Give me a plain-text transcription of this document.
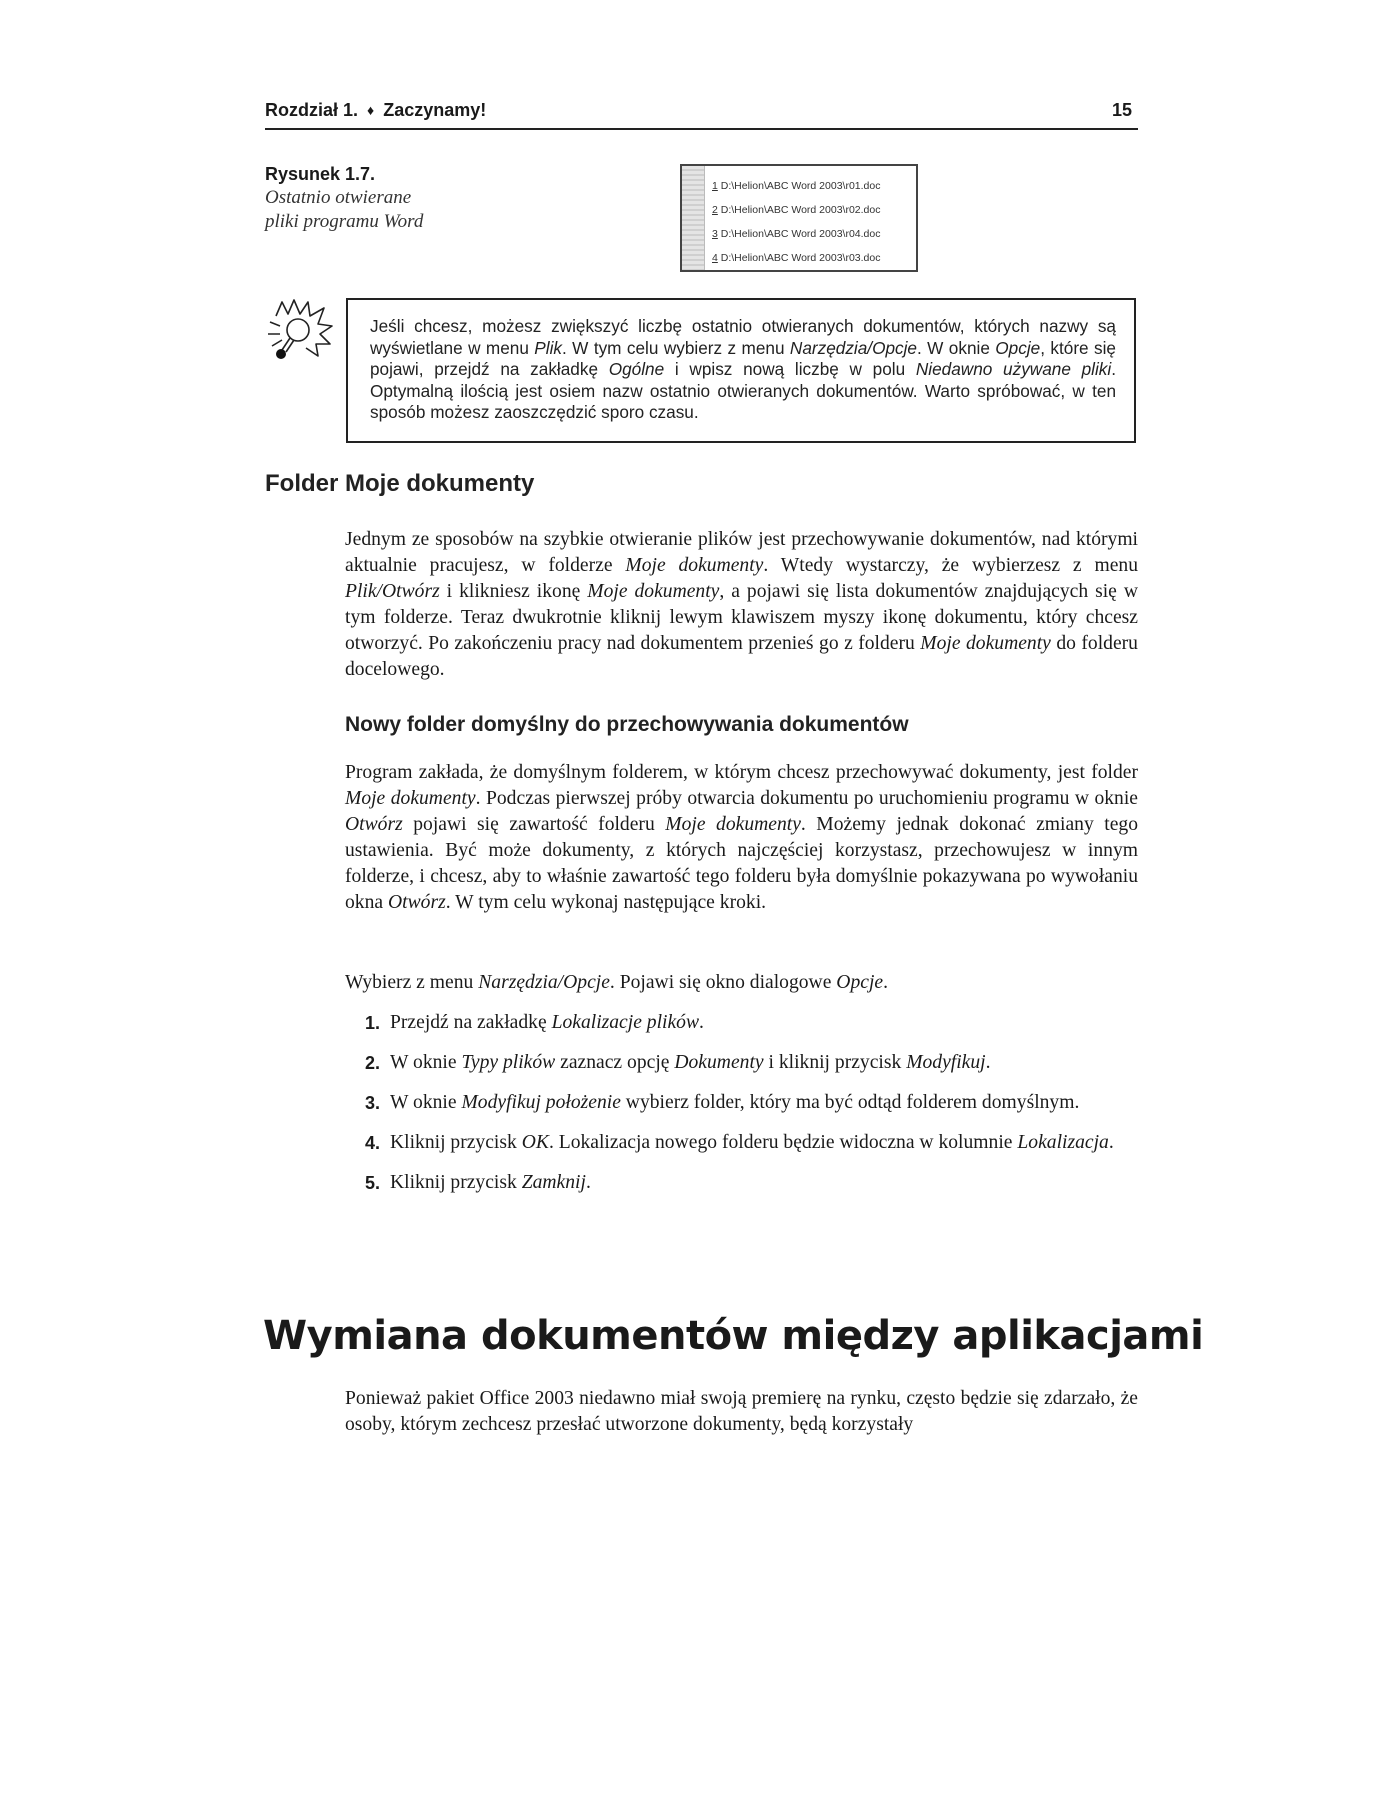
Rozdział 1. ♦ Zaczynamy!	15
Rysunek 1.7.
Ostatnio otwierane
pliki programu Word
1 D:\Helion\ABC Word 2003\r01.doc
2 D:\Helion\ABC Word 2003\r02.doc
3 D:\Helion\ABC Word 2003\r04.doc
4 D:\Helion\ABC Word 2003\r03.doc
Jeśli chcesz, możesz zwiększyć liczbę ostatnio otwieranych dokumentów, których nazwy są wyświetlane w menu Plik. W tym celu wybierz z menu Narzędzia/Opcje. W oknie Opcje, które się pojawi, przejdź na zakładkę Ogólne i wpisz nową liczbę w polu Niedawno używane pliki. Optymalną ilością jest osiem nazw ostatnio otwieranych dokumentów. Warto spróbować, w ten sposób możesz zaoszczędzić sporo czasu.
Folder Moje dokumenty

Jednym ze sposobów na szybkie otwieranie plików jest przechowywanie dokumentów, nad którymi aktualnie pracujesz, w folderze Moje dokumenty. Wtedy wystarczy, że wybierzesz z menu Plik/Otwórz i klikniesz ikonę Moje dokumenty, a pojawi się lista dokumentów znajdujących się w tym folderze. Teraz dwukrotnie kliknij lewym klawiszem myszy ikonę dokumentu, który chcesz otworzyć. Po zakończeniu pracy nad dokumentem przenieś go z folderu Moje dokumenty do folderu docelowego.

Nowy folder domyślny do przechowywania dokumentów

Program zakłada, że domyślnym folderem, w którym chcesz przechowywać dokumenty, jest folder Moje dokumenty. Podczas pierwszej próby otwarcia dokumentu po uruchomieniu programu w oknie Otwórz pojawi się zawartość folderu Moje dokumenty. Możemy jednak dokonać zmiany tego ustawienia. Być może dokumenty, z których najczęściej korzystasz, przechowujesz w innym folderze, i chcesz, aby to właśnie zawartość tego folderu była domyślnie pokazywana po wywołaniu okna Otwórz. W tym celu wykonaj następujące kroki.

Wybierz z menu Narzędzia/Opcje. Pojawi się okno dialogowe Opcje.

1. Przejdź na zakładkę Lokalizacje plików.
2. W oknie Typy plików zaznacz opcję Dokumenty i kliknij przycisk Modyfikuj.
3. W oknie Modyfikuj położenie wybierz folder, który ma być odtąd folderem domyślnym.
4. Kliknij przycisk OK. Lokalizacja nowego folderu będzie widoczna w kolumnie Lokalizacja.
5. Kliknij przycisk Zamknij.
Wymiana dokumentów między aplikacjami

Ponieważ pakiet Office 2003 niedawno miał swoją premierę na rynku, często będzie się zdarzało, że osoby, którym zechcesz przesłać utworzone dokumenty, będą korzystały
